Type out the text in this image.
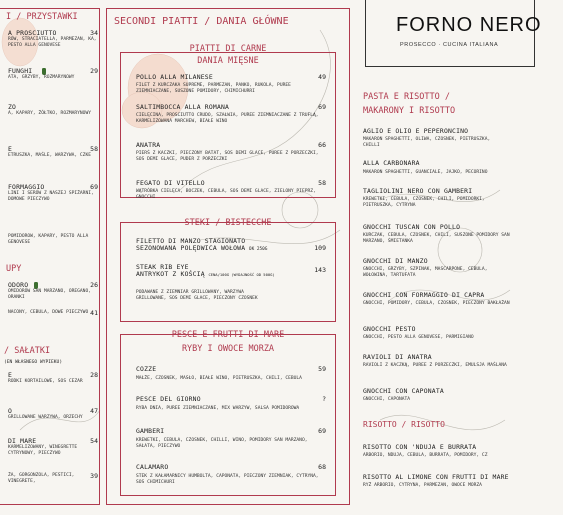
FORNO NERO
PROSECCO · CUCINA ITALIANA
I / PRZYSTAWKI
A PROSCIUTTO	34
RÓW, STRACIATELLA, PARMEZAN, KA, PESTO ALLA GENOVESE
FUNGHI	29
ATA, GRZYBY, ROZMARYNOWY
ZO
A, KAPARY, ŻÓŁTKO, ROZMARYNOWY
E	58
ETRUSZKA, MAŚLE, WARZYWA, CZKE
FORMAGGIO	69
LINI I SERÓW Z NASZEJ SPIŻARNI, DOMOWE PIECZYWO
POMIDOROW, KAPARY, PESTO ALLA GENOVESE
UPY
ODORO	26
OMIDORÓW SAN MARZANO, OREGANO, ORANKI
41
NACONY, CEBULA, DOWE PIECZYWO
/ SAŁATKI
(EN WŁASNEGO WYPIEKU)
E	28
RODKI KORTAILOWE, SOS CEZAR
O	47
GRILLOWANE WARZYWA, ORZECHY
DI MARE	54
KARMELIZOWANY, WINEGRETTE CYTRYNOWY, PIECZYWO
39
ŻA, GORGONZOLA, PESTICI, VINEGRETE,
SECONDI PIATTI / DANIA GŁÓWNE
PIATTI DI CARNE
DANIA MIĘSNE
POLLO ALLA MILANESE	49
FILET Z KURCZAKA SUPREME, PARMEZAN, PANKO, RUKOLA, PUREE ZIEMNIACZANE, SUSZONE POMIDORY, CHIMICHURRI
SALTIMBOCCA ALLA ROMANA	69
CIELĘCINA, PROSCIUTTO CRUDO, SZAŁWIA, PUREE ZIEMNIACZANE Z TRUFLĄ, KARMELIZOWANA MARCHEW, BIAŁE WINO
ANATRA	66
PIERŚ Z KACZKI, PIECZONY BATAT, SOS DEMI GLACE, PUREE Z PORZECZKI, SOS DEMI GLACE, PUDER Z PORZECZKI
FEGATO DI VITELLO	58
WĄTRÓBKA CIELĘCA, BOCZEK, CEBULA, SOS DEMI GLACE, ZIELONY PIEPRZ, GNOCCHI
STEKI / BISTECCHE
FILETTO DI MANZO STAGIONATO
SEZONOWANA POLĘDWICA WOŁOWA OK 250G	109
STEAK RIB EYE
ANTRYKOT Z KOŚCIĄ CENA/100G (WYDAJNOŚĆ OD 500G)
143
PODAWANE Z ZIEMNIAR GRILLOWANY, WARZYWA GRILLOWANE, SOS DEMI GLACE, PIECZONY CZOSNEK
PESCE E FRUTTI DI MARE
RYBY I OWOCE MORZA
COZZE	59
MAŁŻE, CZOSNEK, MASŁO, BIAŁE WINO, PIETRUSZKA, CHILI, CEBULA
PESCE DEL GIORNO	?
RYBA DNIA, PUREE ZIEMNIACZANE, MIX WARZYW, SALSA POMIDOROWA
GAMBERI	69
KREWETKI, CEBULA, CZOSNEK, CHILLI, WINO, POMIDORY SAN MARZANO, SAŁATA, PIECZYWO
CALAMARO	68
STEK Z KAŁAMARNICY HUMBOLTA, CAPONATA, PIECZONY ZIEMNIAK, CYTRYNA, SOS CHIMICHURI
PASTA E RISOTTO /
MAKARONY I RISOTTO
AGLIO E OLIO E PEPERONCINO
MAKARON SPAGHETTI, OLIWA, CZOSNEK, PIETRUSZKA, CHILLI
ALLA CARBONARA
MAKARON SPAGHETTI, GUANCIALE, JAJKO, PECORINO
TAGLIOLINI NERO CON GAMBERI
KREWETKI, CEBULA, CZOSNEK, CHILI, POMIDORKI, PIETRUSZKA, CYTRYNA
GNOCCHI TUSCAN CON POLLO
KURCZAK, CEBULA, CZOSNEK, CHILI, SUSZONE POMIDORY SAN MARZANO, ŚMIETANKA
GNOCCHI DI MANZO
GNOCCHI, GRZYBY, SZPINAK, MASCARPONE, CEBULA, WOŁOWINA, TARTUFATA
GNOCCHI CON FORMAGGIO DI CAPRA
GNOCCHI, POMIDORY, CEBULA, CZOSNEK, PIECZONY BAKŁAŻAN
GNOCCHI PESTO
GNOCCHI, PESTO ALLA GENOVESE, PARMIGIANO
RAVIOLI DI ANATRA
RAVIOLI Z KACZKĄ, PUREE Z PORZECZKI, EMULSJA MAŚLANA
GNOCCHI CON CAPONATA
GNOCCHI, CAPONATA
RISOTTO / RISOTTO
RISOTTO CON 'NDUJA E BURRATA
ARBORIO, NDUJA, CEBULA, BURRATA, POMIDORY, CZ
RISOTTO AL LIMONE CON FRUTTI DI MARE
RYŻ ARBORIO, CYTRYNA, PARMEZAN, OWOCE MORZA
